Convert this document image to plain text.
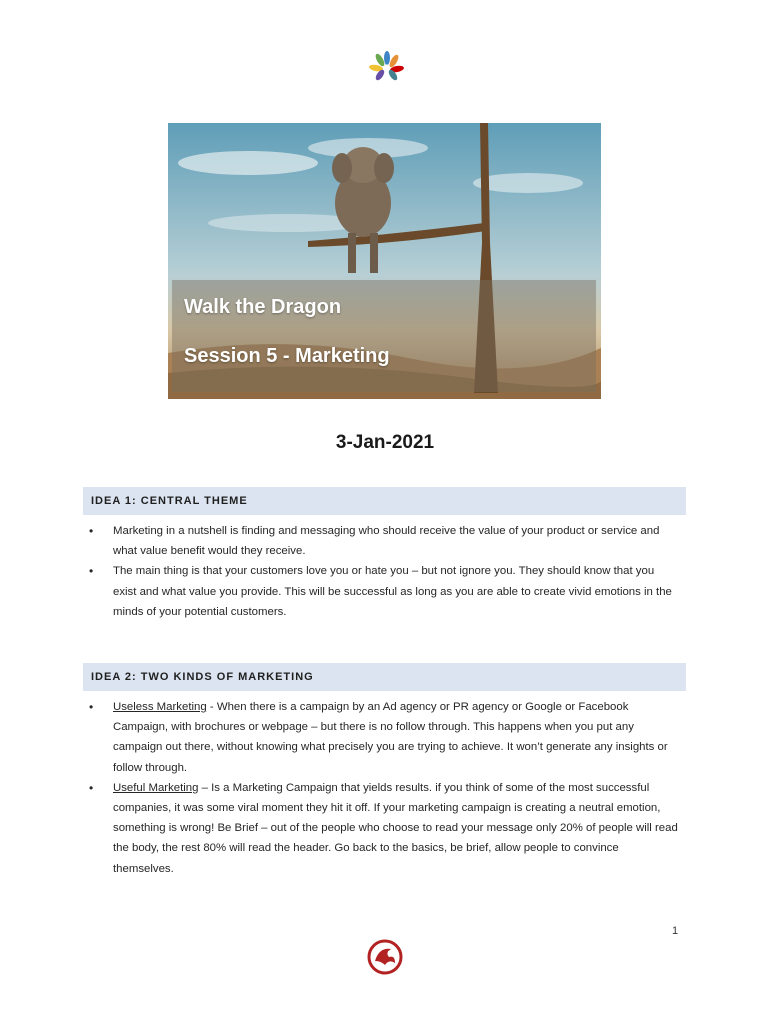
Walk the Dragon
Session 5 - Marketing
3-Jan-2021
IDEA 1: CENTRAL THEME
• Marketing in a nutshell is finding and messaging who should receive the value of your product or service and what value benefit would they receive.
• The main thing is that your customers love you or hate you – but not ignore you. They should know that you exist and what value you provide. This will be successful as long as you are able to create vivid emotions in the minds of your potential customers.
IDEA 2: TWO KINDS OF MARKETING
• Useless Marketing - When there is a campaign by an Ad agency or PR agency or Google or Facebook Campaign, with brochures or webpage – but there is no follow through. This happens when you put any campaign out there, without knowing what precisely you are trying to achieve. It won’t generate any insights or follow through.
• Useful Marketing – Is a Marketing Campaign that yields results. if you think of some of the most successful companies, it was some viral moment they hit it off. If your marketing campaign is creating a neutral emotion, something is wrong! Be Brief – out of the people who choose to read your message only 20% of people will read the body, the rest 80% will read the header. Go back to the basics, be brief, allow people to convince themselves.
1
